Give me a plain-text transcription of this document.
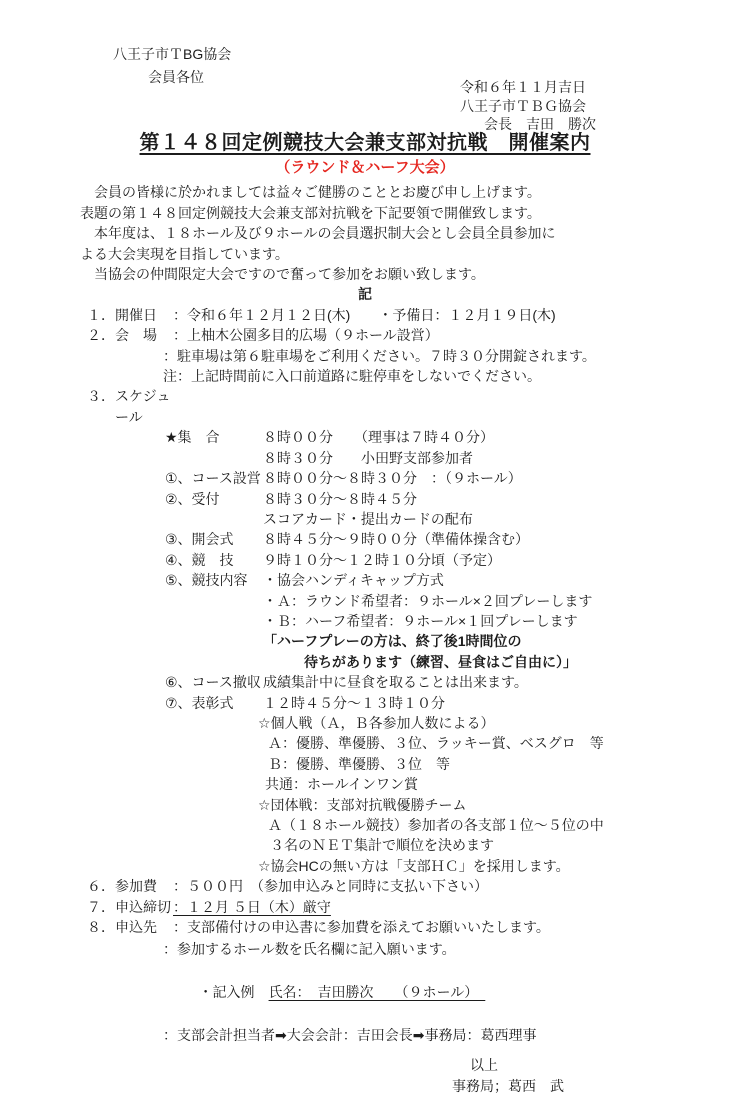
八王子市ＴBG協会
会員各位
令和６年１１月吉日
八王子市ＴＢＧ協会
会長　吉田　勝次
第１４８回定例競技大会兼支部対抗戦　開催案内
（ラウンド＆ハーフ大会）
　会員の皆様に於かれましては益々ご健勝のこととお慶び申し上げます。
表題の第１４８回定例競技大会兼支部対抗戦を下記要領で開催致します。
　本年度は、１８ホール及び９ホールの会員選択制大会とし会員全員参加に
よる大会実現を目指しています。
　当協会の仲間限定大会ですので奮って参加をお願い致します。
記
１． 開催日	：令和６年１２月１２日(木)　　・予備日：１２月１９日(木)
２． 会　場	：上柚木公園多目的広場（９ホール設営）
：駐車場は第６駐車場をご利用ください。７時３０分開錠されます。
注：上記時間前に入口前道路に駐停車をしないでください。
３． スケジュール
★集　合	８時００分　　（理事は７時４０分）
８時３０分　　小田野支部参加者
①、コース設営 ８時００分〜８時３０分　：（９ホール）
②、受付	８時３０分〜８時４５分
スコアカード・提出カードの配布
③、開会式	８時４５分〜９時００分（準備体操含む）
④、競　技	９時１０分〜１２時１０分頃（予定）
⑤、競技内容	・協会ハンディキャップ方式
・Ａ：ラウンド希望者：９ホール×２回プレーします
・Ｂ：ハーフ希望者：９ホール×１回プレーします
「ハーフプレーの方は、終了後1時間位の
待ちがあります（練習、昼食はご自由に）」
⑥、コース撤収 成績集計中に昼食を取ることは出来ます。
⑦、表彰式	１２時４５分〜１３時１０分
☆個人戦（Ａ，Ｂ各参加人数による）
Ａ：優勝、準優勝、３位、ラッキー賞、ベスグロ　等
Ｂ：優勝、準優勝、３位　等
共通：ホールインワン賞
☆団体戦：支部対抗戦優勝チーム
Ａ（１８ホール競技）参加者の各支部１位〜５位の中
３名のＮＥＴ集計で順位を決めます
☆協会HCの無い方は「支部ＨＣ」を採用します。
６． 参加費	：５００円　（参加申込みと同時に支払い下さい）
７． 申込締切 ：１２月 ５日（木）厳守
８． 申込先	：支部備付けの申込書に参加費を添えてお願いいたします。
：参加するホール数を氏名欄に記入願います。

・記入例　氏名：　吉田勝次　　（９ホール）　

：支部会計担当者➡大会会計：吉田会長➡事務局：葛西理事
以上
事務局；葛西　武
